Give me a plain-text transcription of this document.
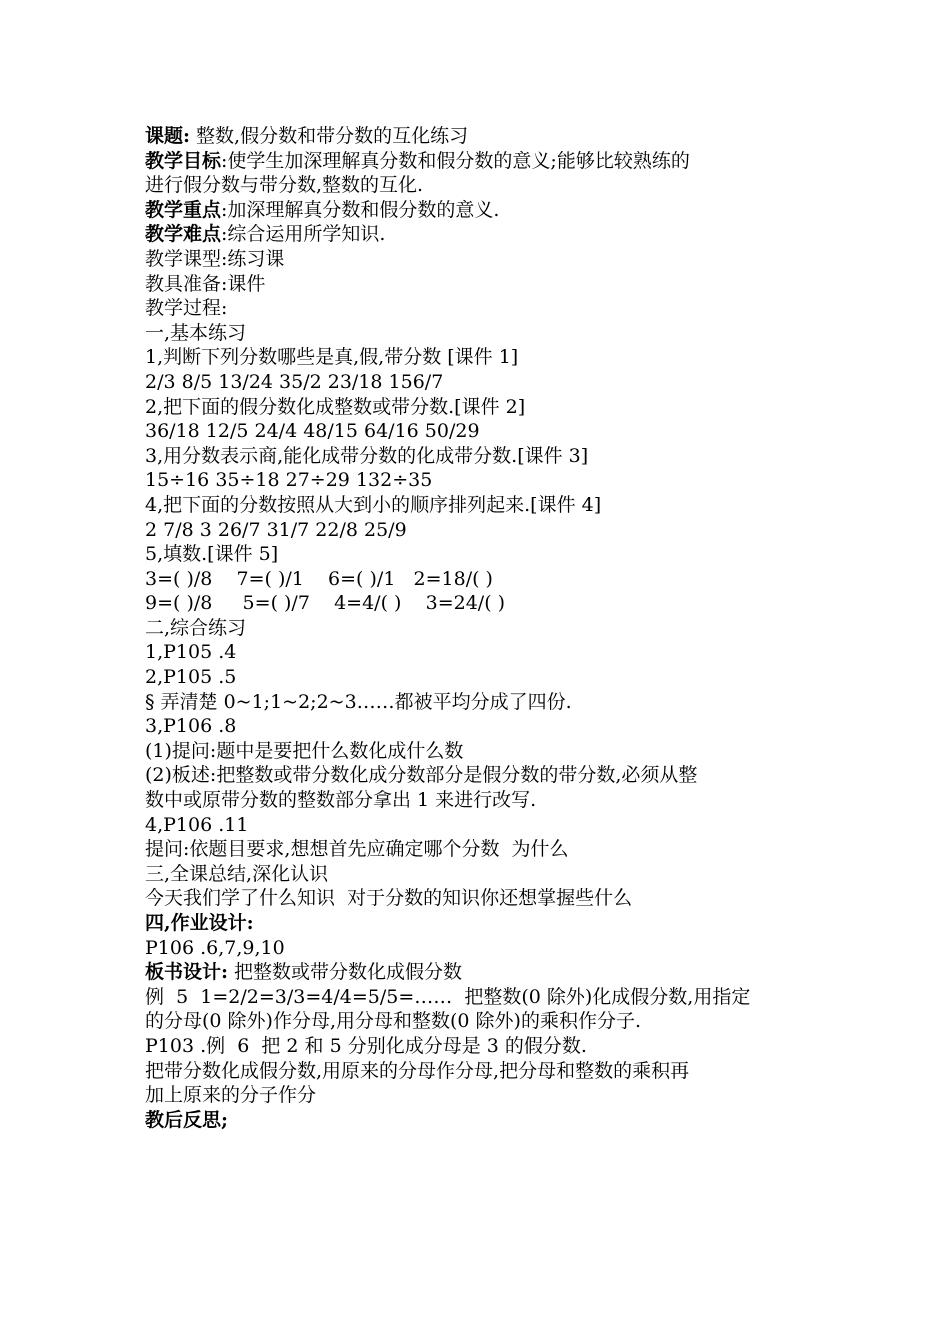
课题: 整数,假分数和带分数的互化练习

教学目标:使学生加深理解真分数和假分数的意义;能够比较熟练的

进行假分数与带分数,整数的互化.

教学重点:加深理解真分数和假分数的意义.

教学难点:综合运用所学知识.

教学课型:练习课

教具准备:课件

教学过程:

一,基本练习

1,判断下列分数哪些是真,假,带分数 [课件 1]

2/3 8/5 13/24 35/2 23/18 156/7

2,把下面的假分数化成整数或带分数.[课件 2]

36/18 12/5 24/4 48/15 64/16 50/29

3,用分数表示商,能化成带分数的化成带分数.[课件 3]

15÷16 35÷18 27÷29 132÷35

4,把下面的分数按照从大到小的顺序排列起来.[课件 4]

2 7/8 3 26/7 31/7 22/8 25/9

5,填数.[课件 5]

3=( )/8    7=( )/1    6=( )/1   2=18/( )

9=( )/8     5=( )/7    4=4/( )    3=24/( )

二,综合练习

1,P105 .4

2,P105 .5

§ 弄清楚 0~1;1~2;2~3……都被平均分成了四份.

3,P106 .8

(1)提问:题中是要把什么数化成什么数

(2)板述:把整数或带分数化成分数部分是假分数的带分数,必须从整

数中或原带分数的整数部分拿出 1 来进行改写.

4,P106 .11

提问:依题目要求,想想首先应确定哪个分数  为什么

三,全课总结,深化认识

今天我们学了什么知识  对于分数的知识你还想掌握些什么

四,作业设计:

P106 .6,7,9,10

板书设计: 把整数或带分数化成假分数

例  5  1=2/2=3/3=4/4=5/5=……  把整数(0 除外)化成假分数,用指定

的分母(0 除外)作分母,用分母和整数(0 除外)的乘积作分子.

P103 .例  6  把 2 和 5 分别化成分母是 3 的假分数.

把带分数化成假分数,用原来的分母作分母,把分母和整数的乘积再

加上原来的分子作分

教后反思;
